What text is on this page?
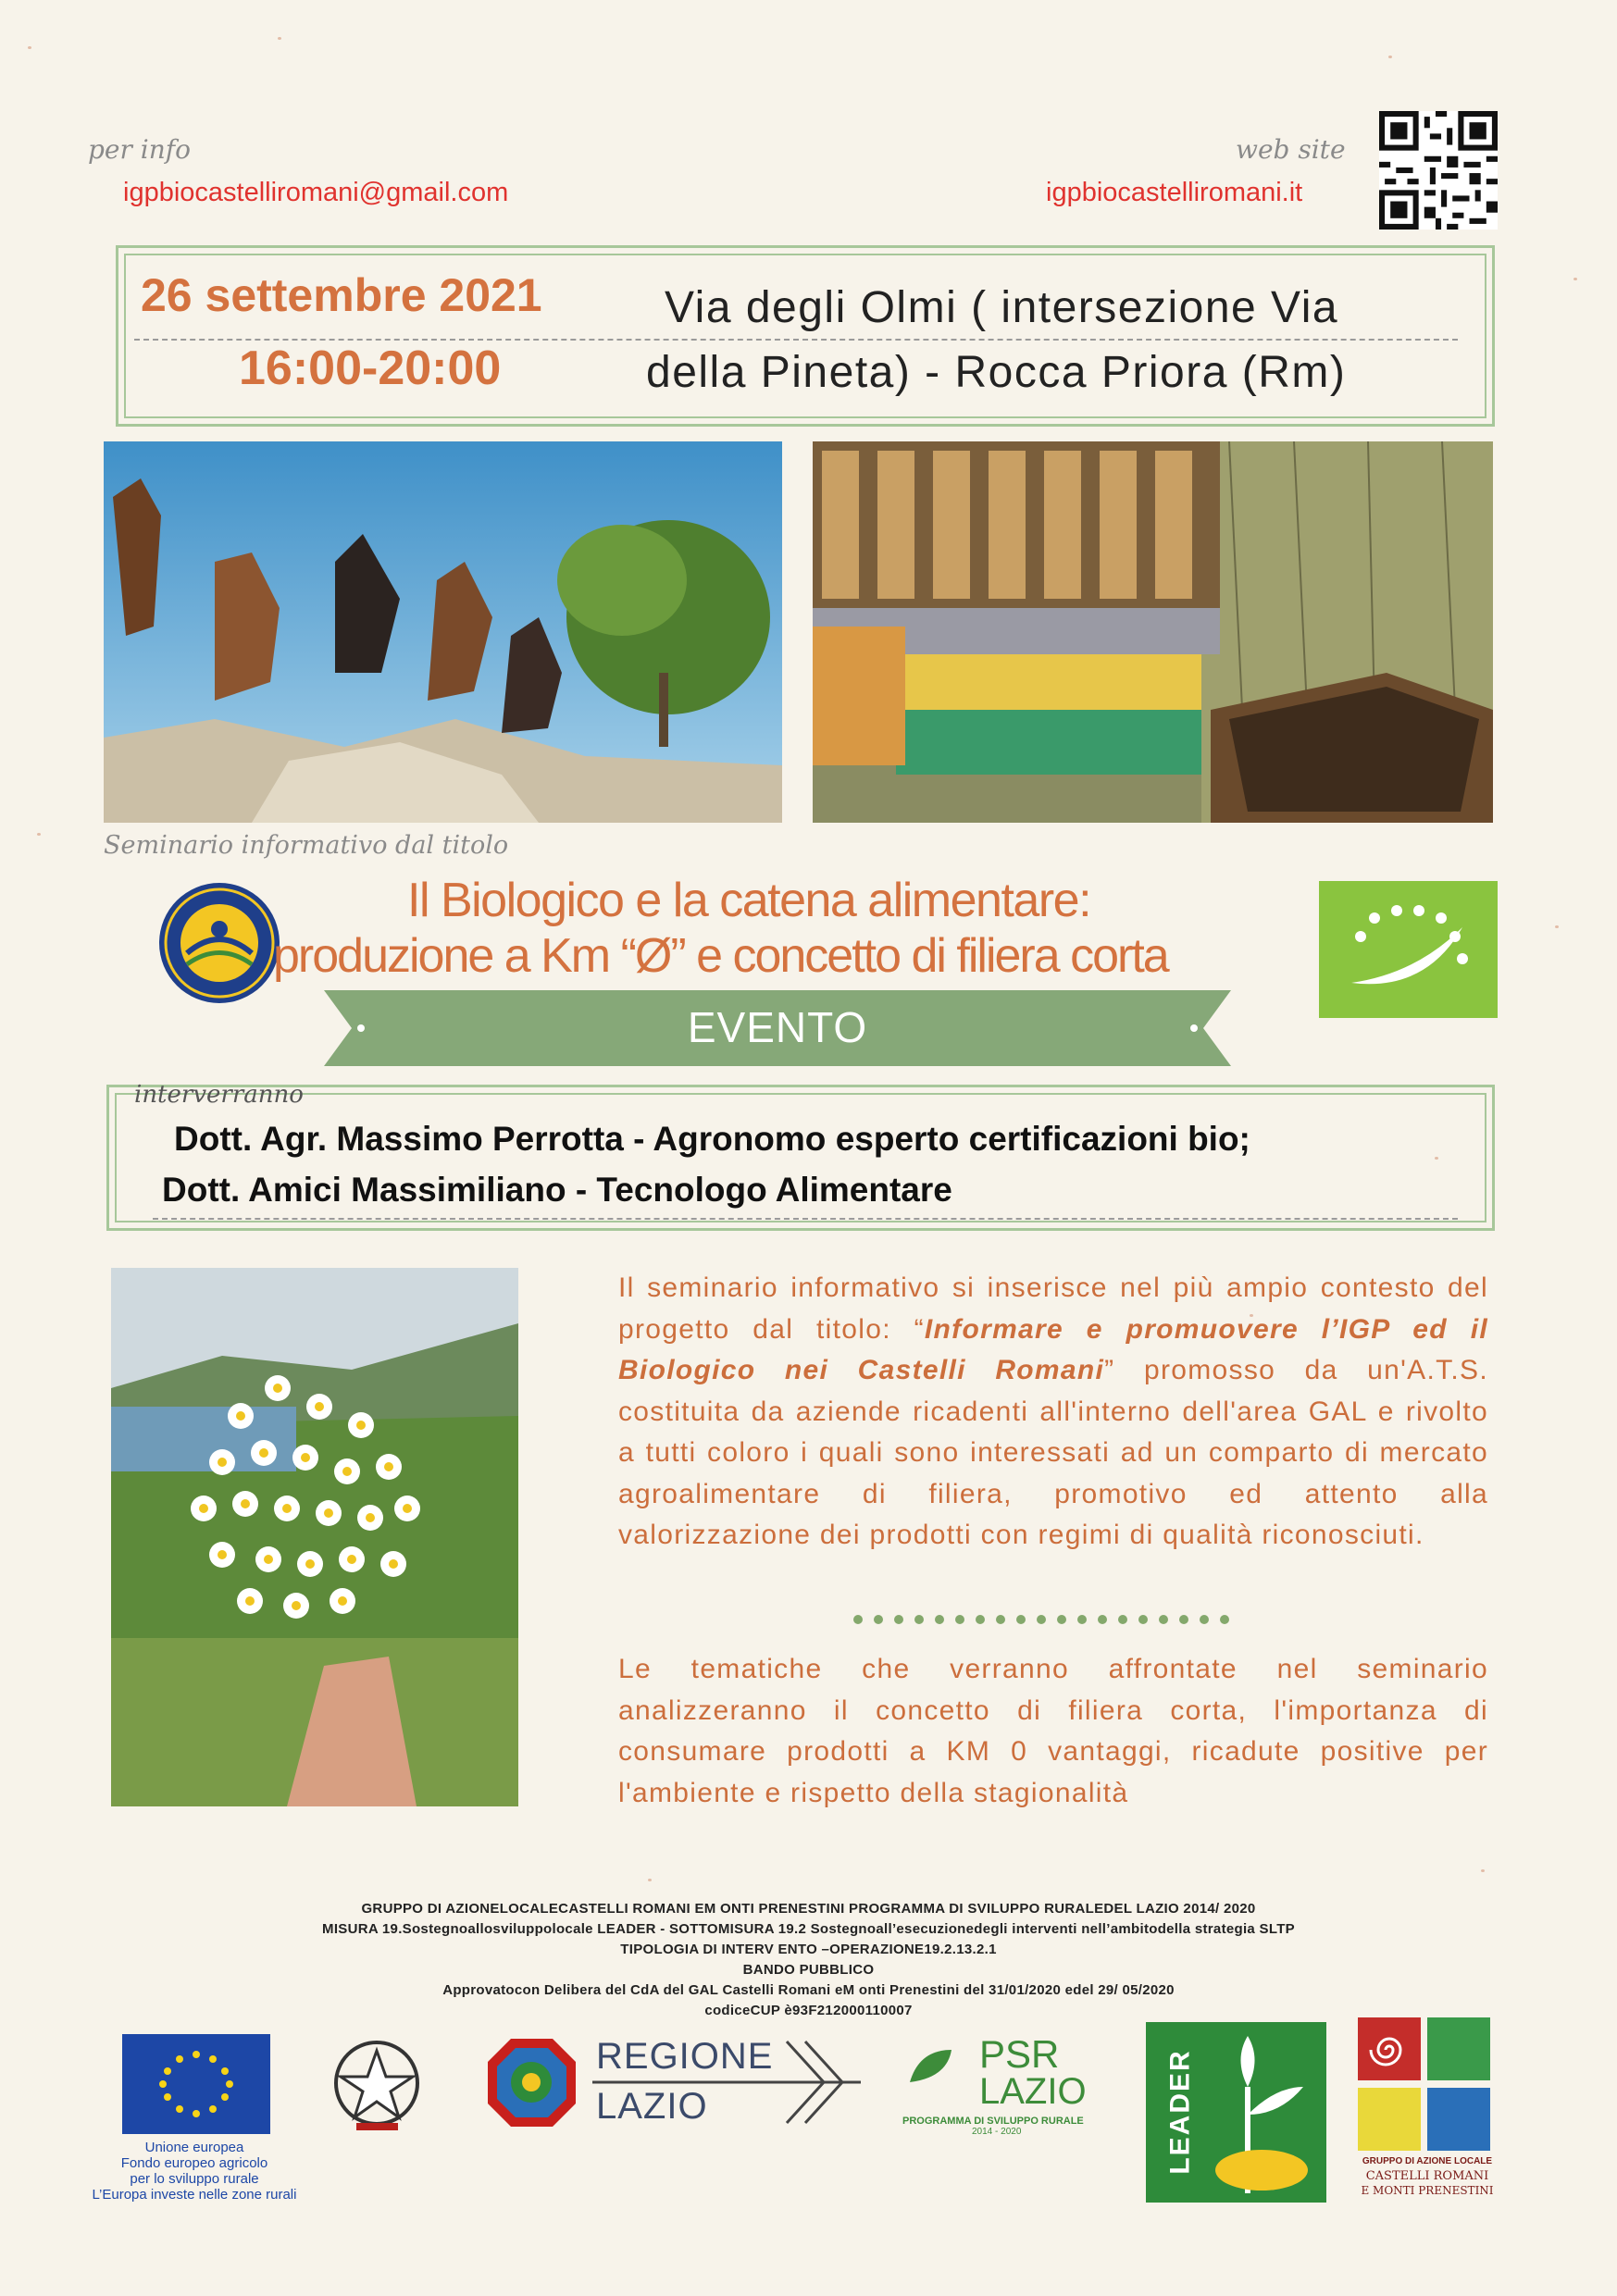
per info
igpbiocastelliromani@gmail.com
web site
igpbiocastelliromani.it
26 settembre 2021
16:00-20:00
Via degli Olmi ( intersezione Via
della Pineta) - Rocca Priora (Rm)
Seminario informativo dal titolo
Il Biologico e la catena alimentare:
produzione a Km “Ø” e concetto di filiera corta
EVENTO
interverranno
Dott. Agr. Massimo Perrotta - Agronomo esperto certificazioni bio;
Dott. Amici Massimiliano - Tecnologo Alimentare
Il seminario informativo si inserisce nel più ampio contesto del progetto dal titolo: “Informare e promuovere l’IGP ed il Biologico nei Castelli Romani” promosso da un'A.T.S. costituita da aziende ricadenti all'interno dell'area GAL e rivolto a tutti coloro i quali sono interessati ad un comparto di mercato agroalimentare di filiera, promotivo ed attento alla valorizzazione dei prodotti con regimi di qualità riconosciuti.
Le tematiche che verranno affrontate nel seminario analizzeranno il concetto di filiera corta, l'importanza di consumare prodotti a KM 0 vantaggi, ricadute positive per l'ambiente e rispetto della stagionalità
GRUPPO DI AZIONELOCALECASTELLI ROMANI EM ONTI PRENESTINI PROGRAMMA DI SVILUPPO RURALEDEL LAZIO 2014/ 2020
MISURA 19.Sostegnoallosviluppolocale LEADER - SOTTOMISURA 19.2 Sostegnoall’esecuzionedegli interventi nell’ambitodella strategia SLTP
TIPOLOGIA DI INTERV ENTO –OPERAZIONE19.2.13.2.1
BANDO PUBBLICO
Approvatocon Delibera del CdA del GAL Castelli Romani eM onti Prenestini del 31/01/2020 edel 29/ 05/2020
codiceCUP è93F212000110007
Unione europea
Fondo europeo agricolo
per lo sviluppo rurale
L’Europa investe nelle zone rurali
REGIONE
LAZIO
PSR
LAZIO
PROGRAMMA DI SVILUPPO RURALE
2014 - 2020	LEADER	GRUPPO DI AZIONE LOCALE
CASTELLI ROMANI
E MONTI PRENESTINI
